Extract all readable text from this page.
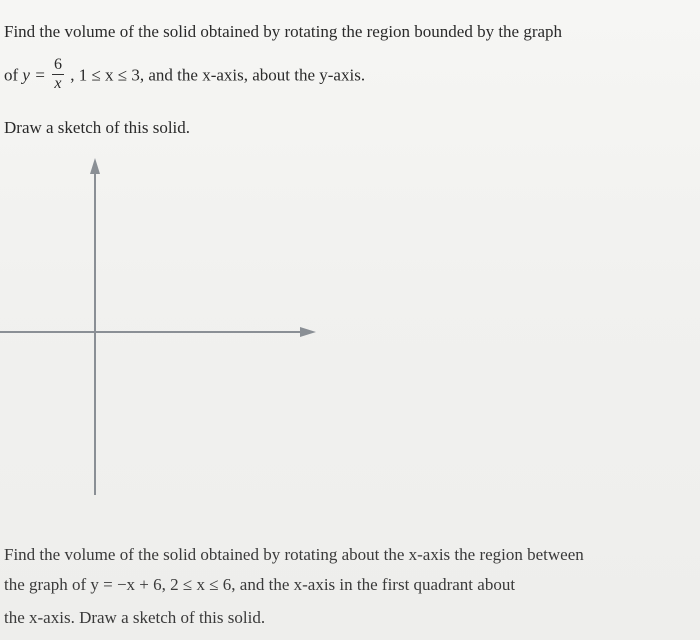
Find the volume of the solid obtained by rotating the region bounded by the graph
of $y = \frac{6}{x}$ , 1 ≤ x ≤ 3, and the x-axis, about the y-axis.
Draw a sketch of this solid.
Find the volume of the solid obtained by rotating about the x-axis the region between
the graph of y = −x + 6, 2 ≤ x ≤ 6, and the x-axis in the first quadrant about
the x-axis. Draw a sketch of this solid.
